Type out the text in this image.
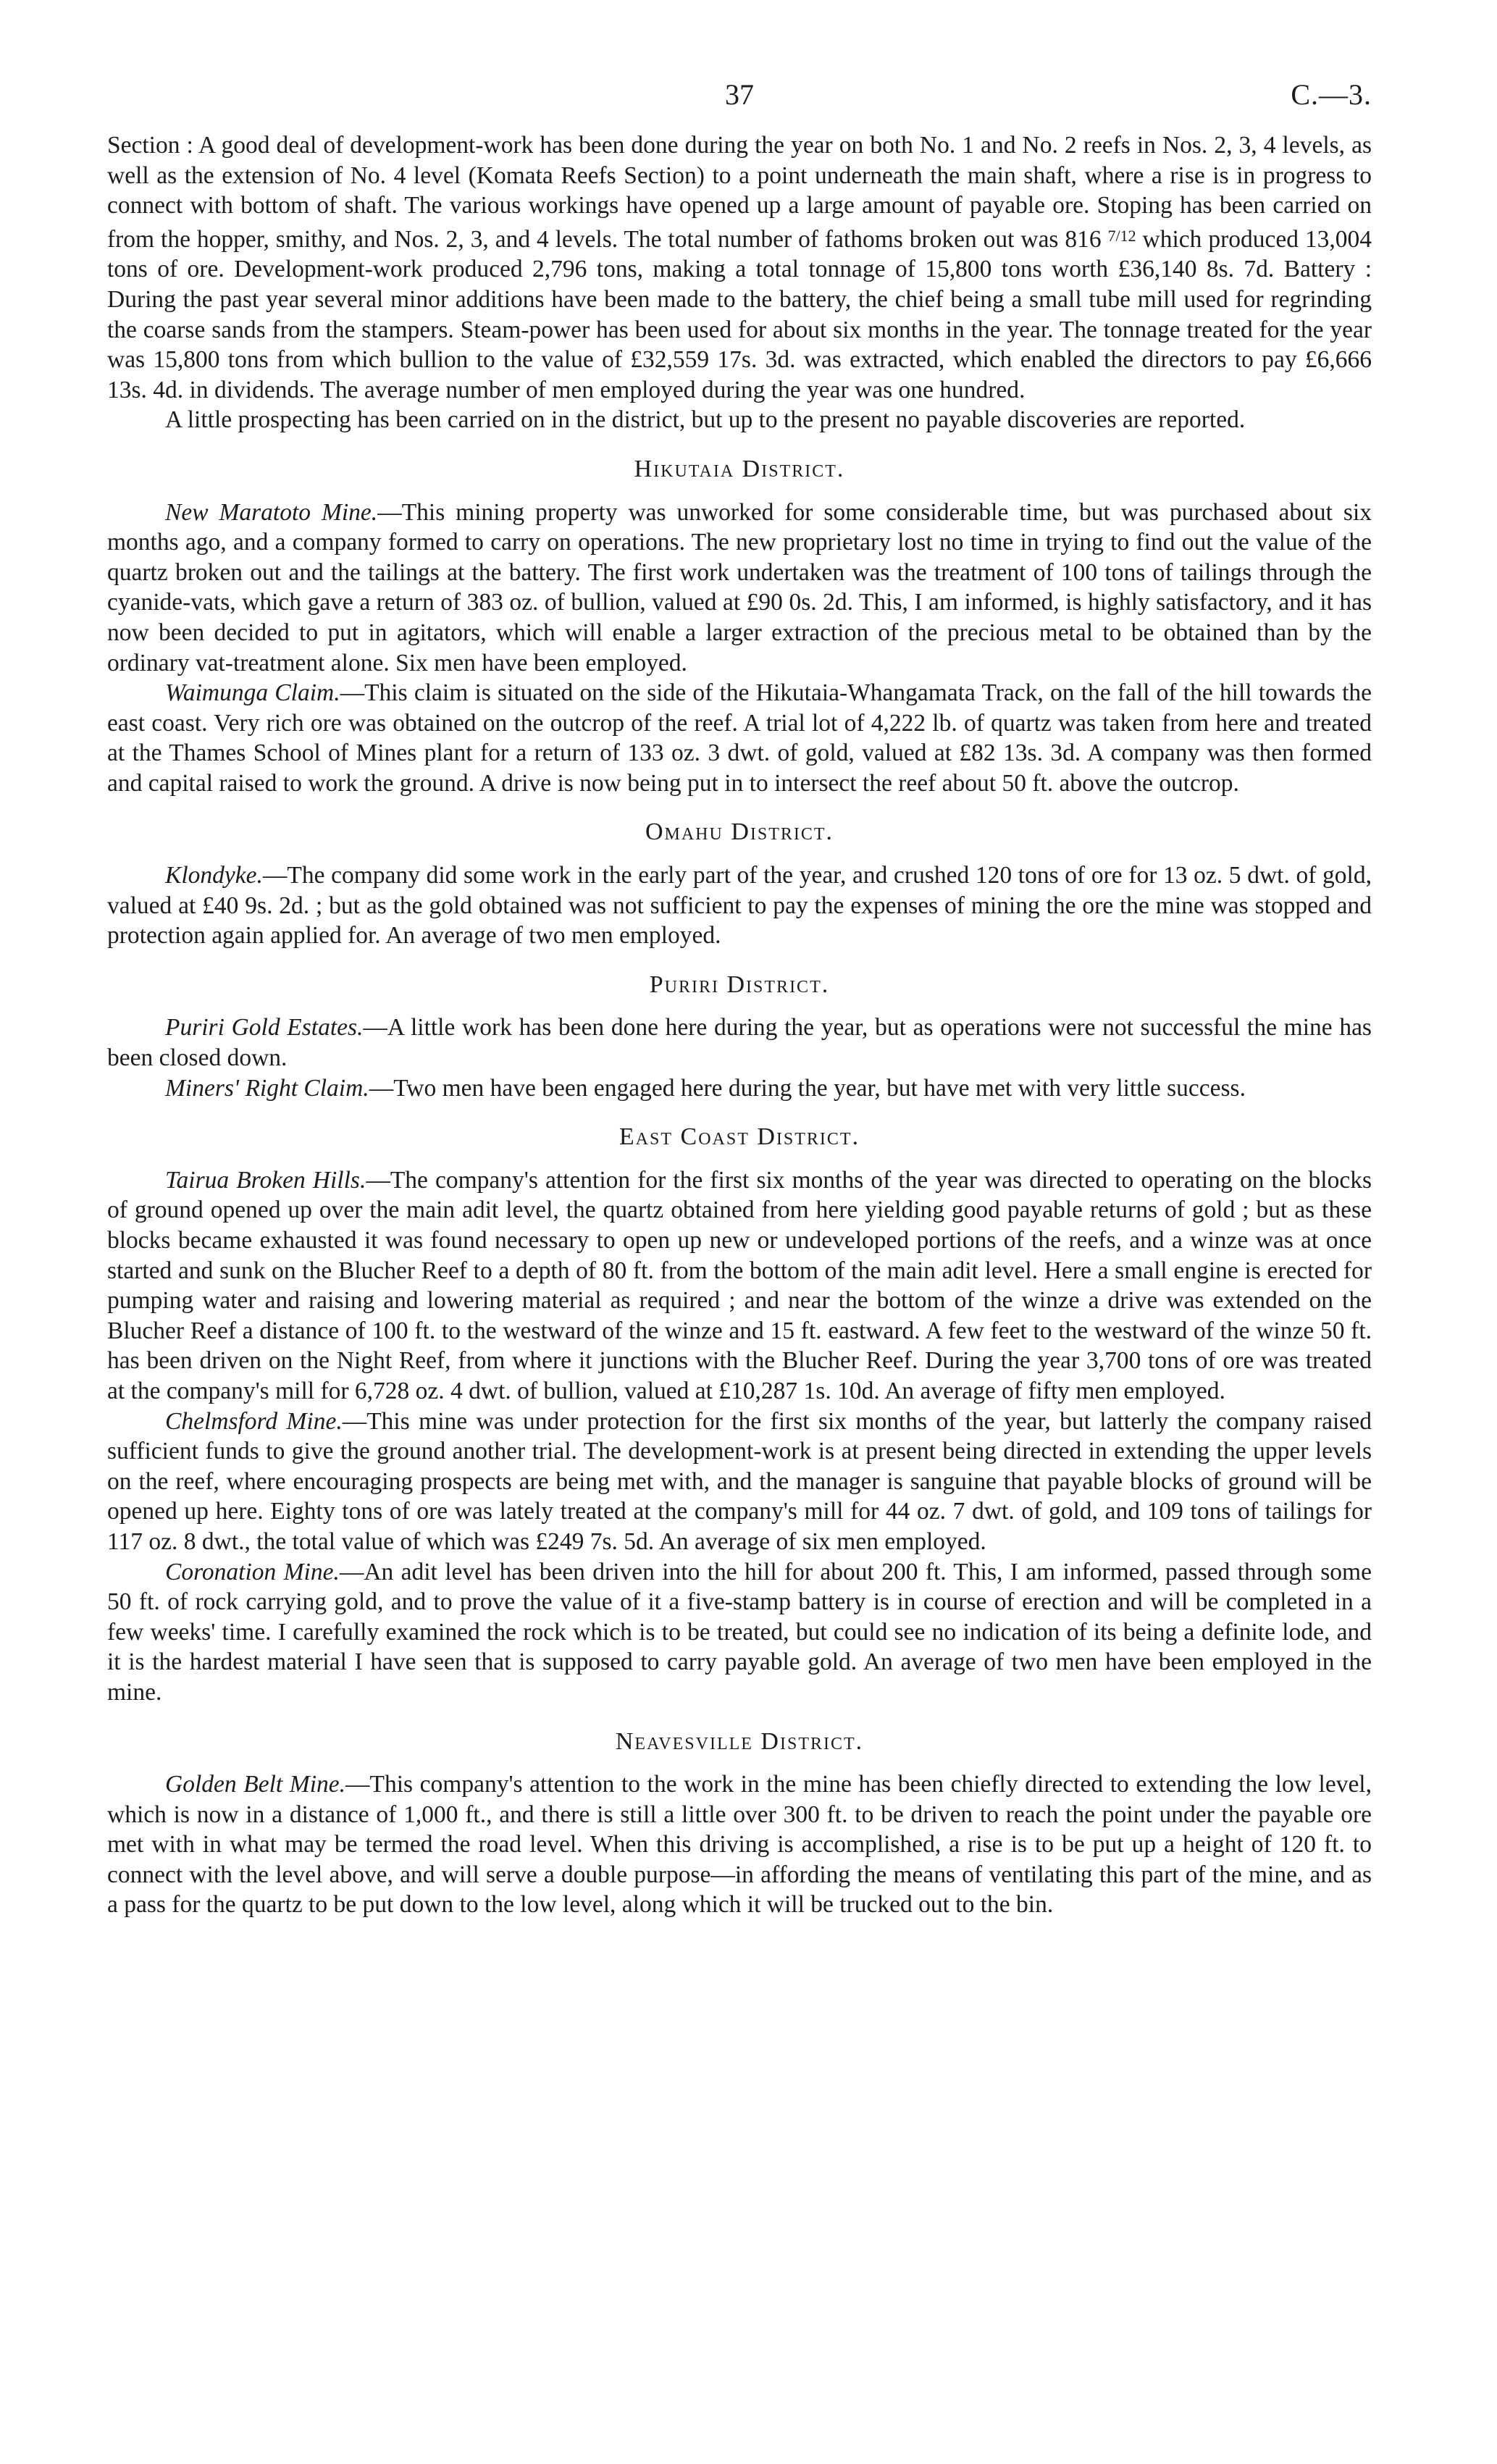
37	C.—3.

Section : A good deal of development-work has been done during the year on both No. 1 and No. 2 reefs in Nos. 2, 3, 4 levels, as well as the extension of No. 4 level (Komata Reefs Section) to a point underneath the main shaft, where a rise is in progress to connect with bottom of shaft. The various workings have opened up a large amount of payable ore. Stoping has been carried on from the hopper, smithy, and Nos. 2, 3, and 4 levels. The total number of fathoms broken out was 816 $^{7/12}$ which produced 13,004 tons of ore. Development-work produced 2,796 tons, making a total tonnage of 15,800 tons worth £36,140 8s. 7d. Battery : During the past year several minor additions have been made to the battery, the chief being a small tube mill used for regrinding the coarse sands from the stampers. Steam-power has been used for about six months in the year. The tonnage treated for the year was 15,800 tons from which bullion to the value of £32,559 17s. 3d. was extracted, which enabled the directors to pay £6,666 13s. 4d. in dividends. The average number of men employed during the year was one hundred.

A little prospecting has been carried on in the district, but up to the present no payable discoveries are reported.

Hikutaia District.

New Maratoto Mine.—This mining property was unworked for some considerable time, but was purchased about six months ago, and a company formed to carry on operations. The new proprietary lost no time in trying to find out the value of the quartz broken out and the tailings at the battery. The first work undertaken was the treatment of 100 tons of tailings through the cyanide-vats, which gave a return of 383 oz. of bullion, valued at £90 0s. 2d. This, I am informed, is highly satisfactory, and it has now been decided to put in agitators, which will enable a larger extraction of the precious metal to be obtained than by the ordinary vat-treatment alone. Six men have been employed.

Waimunga Claim.—This claim is situated on the side of the Hikutaia-Whangamata Track, on the fall of the hill towards the east coast. Very rich ore was obtained on the outcrop of the reef. A trial lot of 4,222 lb. of quartz was taken from here and treated at the Thames School of Mines plant for a return of 133 oz. 3 dwt. of gold, valued at £82 13s. 3d. A company was then formed and capital raised to work the ground. A drive is now being put in to intersect the reef about 50 ft. above the outcrop.

Omahu District.

Klondyke.—The company did some work in the early part of the year, and crushed 120 tons of ore for 13 oz. 5 dwt. of gold, valued at £40 9s. 2d. ; but as the gold obtained was not sufficient to pay the expenses of mining the ore the mine was stopped and protection again applied for. An average of two men employed.

Puriri District.

Puriri Gold Estates.—A little work has been done here during the year, but as operations were not successful the mine has been closed down.

Miners' Right Claim.—Two men have been engaged here during the year, but have met with very little success.

East Coast District.

Tairua Broken Hills.—The company's attention for the first six months of the year was directed to operating on the blocks of ground opened up over the main adit level, the quartz obtained from here yielding good payable returns of gold ; but as these blocks became exhausted it was found necessary to open up new or undeveloped portions of the reefs, and a winze was at once started and sunk on the Blucher Reef to a depth of 80 ft. from the bottom of the main adit level. Here a small engine is erected for pumping water and raising and lowering material as required ; and near the bottom of the winze a drive was extended on the Blucher Reef a distance of 100 ft. to the westward of the winze and 15 ft. eastward. A few feet to the westward of the winze 50 ft. has been driven on the Night Reef, from where it junctions with the Blucher Reef. During the year 3,700 tons of ore was treated at the company's mill for 6,728 oz. 4 dwt. of bullion, valued at £10,287 1s. 10d. An average of fifty men employed.

Chelmsford Mine.—This mine was under protection for the first six months of the year, but latterly the company raised sufficient funds to give the ground another trial. The development-work is at present being directed in extending the upper levels on the reef, where encouraging prospects are being met with, and the manager is sanguine that payable blocks of ground will be opened up here. Eighty tons of ore was lately treated at the company's mill for 44 oz. 7 dwt. of gold, and 109 tons of tailings for 117 oz. 8 dwt., the total value of which was £249 7s. 5d. An average of six men employed.

Coronation Mine.—An adit level has been driven into the hill for about 200 ft. This, I am informed, passed through some 50 ft. of rock carrying gold, and to prove the value of it a five-stamp battery is in course of erection and will be completed in a few weeks' time. I carefully examined the rock which is to be treated, but could see no indication of its being a definite lode, and it is the hardest material I have seen that is supposed to carry payable gold. An average of two men have been employed in the mine.

Neavesville District.

Golden Belt Mine.—This company's attention to the work in the mine has been chiefly directed to extending the low level, which is now in a distance of 1,000 ft., and there is still a little over 300 ft. to be driven to reach the point under the payable ore met with in what may be termed the road level. When this driving is accomplished, a rise is to be put up a height of 120 ft. to connect with the level above, and will serve a double purpose—in affording the means of ventilating this part of the mine, and as a pass for the quartz to be put down to the low level, along which it will be trucked out to the bin.
